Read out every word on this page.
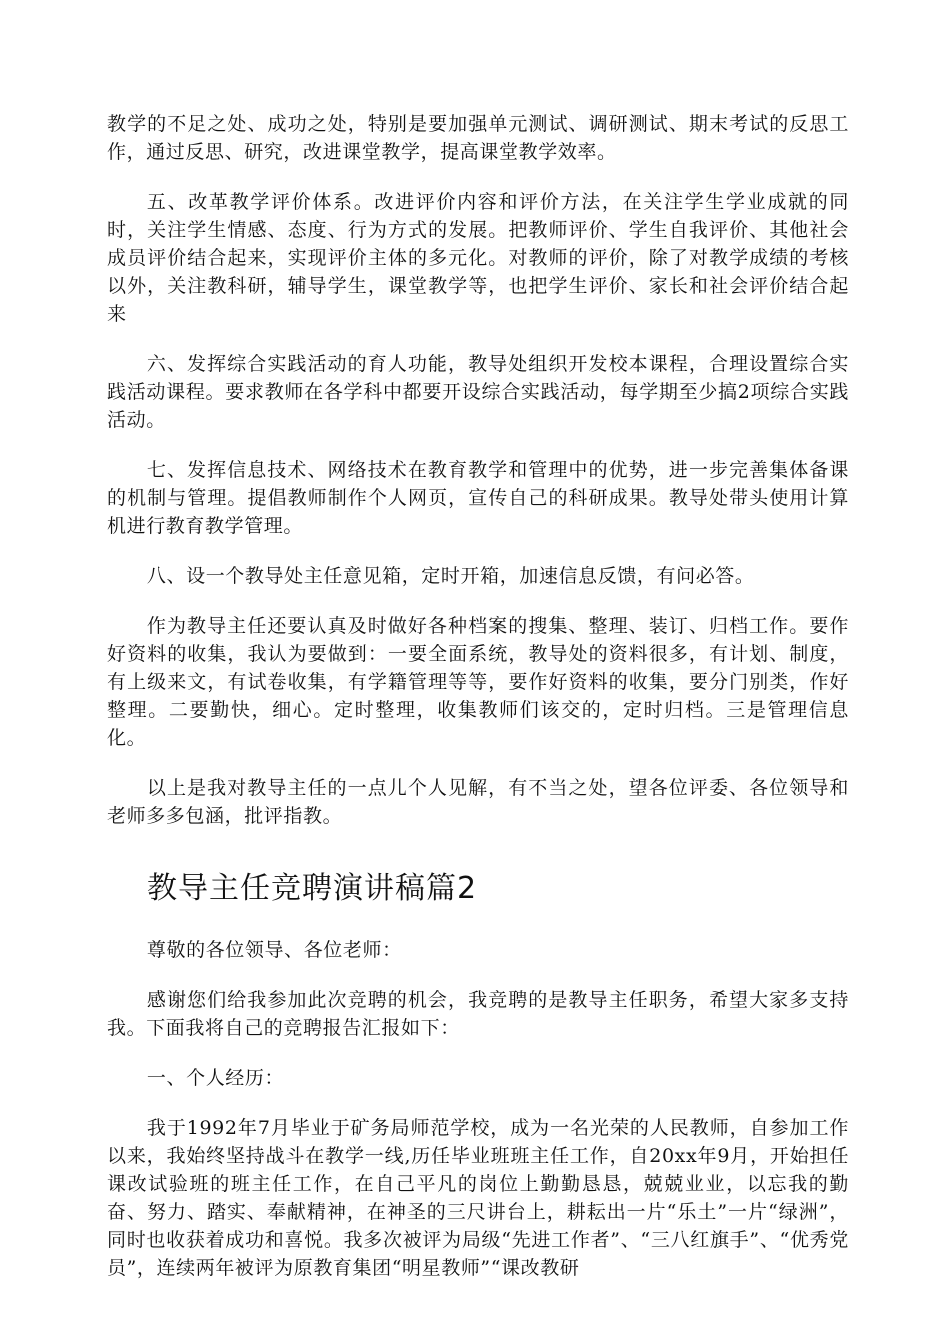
教学的不足之处、成功之处，特别是要加强单元测试、调研测试、期末考试的反思工作，通过反思、研究，改进课堂教学，提高课堂教学效率。

五、改革教学评价体系。改进评价内容和评价方法，在关注学生学业成就的同时，关注学生情感、态度、行为方式的发展。把教师评价、学生自我评价、其他社会成员评价结合起来，实现评价主体的多元化。对教师的评价，除了对教学成绩的考核以外，关注教科研，辅导学生，课堂教学等，也把学生评价、家长和社会评价结合起来

六、发挥综合实践活动的育人功能，教导处组织开发校本课程，合理设置综合实践活动课程。要求教师在各学科中都要开设综合实践活动，每学期至少搞2项综合实践活动。

七、发挥信息技术、网络技术在教育教学和管理中的优势，进一步完善集体备课的机制与管理。提倡教师制作个人网页，宣传自己的科研成果。教导处带头使用计算机进行教育教学管理。

八、设一个教导处主任意见箱，定时开箱，加速信息反馈，有问必答。

作为教导主任还要认真及时做好各种档案的搜集、整理、装订、归档工作。要作好资料的收集，我认为要做到：一要全面系统，教导处的资料很多，有计划、制度，有上级来文，有试卷收集，有学籍管理等等，要作好资料的收集，要分门别类，作好整理。二要勤快，细心。定时整理，收集教师们该交的，定时归档。三是管理信息化。

以上是我对教导主任的一点儿个人见解，有不当之处，望各位评委、各位领导和老师多多包涵，批评指教。

教导主任竞聘演讲稿篇2

尊敬的各位领导、各位老师：

感谢您们给我参加此次竞聘的机会，我竞聘的是教导主任职务，希望大家多支持我。下面我将自己的竞聘报告汇报如下：

一、个人经历：

我于1992年7月毕业于矿务局师范学校，成为一名光荣的人民教师，自参加工作以来，我始终坚持战斗在教学一线,历任毕业班班主任工作，自20xx年9月，开始担任课改试验班的班主任工作，在自己平凡的岗位上勤勤恳恳，兢兢业业，以忘我的勤奋、努力、踏实、奉献精神，在神圣的三尺讲台上，耕耘出一片“乐土”一片“绿洲”，同时也收获着成功和喜悦。我多次被评为局级“先进工作者”、“三八红旗手”、“优秀党员”，连续两年被评为原教育集团“明星教师”“课改教研
